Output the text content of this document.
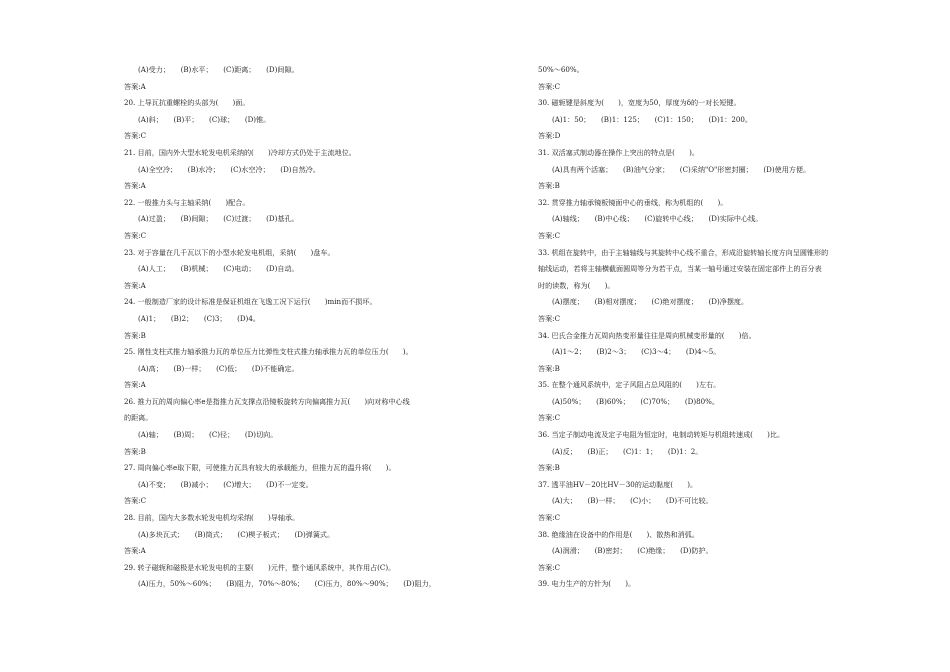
(A)受力；　　(B)水平；　　(C)距离；　　(D)间隙。
答案:A
20. 上导瓦抗重螺栓的头部为(　　)面。
(A)斜；　　(B)平；　　(C)球；　　(D)锥。
答案:C
21. 目前，国内外大型水轮发电机采纳的(　　)冷却方式仍处于主流地位。
(A)全空冷；　　(B)水冷；　　(C)水空冷；　　(D)自然冷。
答案:A
22. 一般推力头与主轴采纳(　　)配合。
(A)过盈；　　(B)间隙；　　(C)过渡；　　(D)基孔。
答案:C
23. 对于容量在几千瓦以下的小型水轮发电机组，采纳(　　)盘车。
(A)人工；　　(B)机械；　　(C)电动；　　(D)自动。
答案:A
24. 一般制造厂家的设计标准是保证机组在飞逸工况下运行(　　)min而不损坏。
(A)1；　　(B)2；　　(C)3；　　(D)4。
答案:B
25. 刚性支柱式推力轴承推力瓦的单位压力比弹性支柱式推力轴承推力瓦的单位压力(　　)。
(A)高；　　(B)一样；　　(C)低；　　(D)不能确定。
答案:A
26. 推力瓦的周向偏心率e是指推力瓦支撑点沿镜板旋转方向偏离推力瓦(　　)向对称中心线
的距离。
(A)轴；　　(B)周；　　(C)径；　　(D)切向。
答案:B
27. 周向偏心率e取下限，可使推力瓦具有较大的承载能力，但推力瓦的温升将(　　)。
(A)不变；　　(B)减小；　　(C)增大；　　(D)不一定变。
答案:C
28. 目前，国内大多数水轮发电机均采纳(　　)导轴承。
(A)多块瓦式；　　(B)筒式；　　(C)楔子板式；　　(D)弹簧式。
答案:A
29. 转子磁轭和磁极是水轮发电机的主要(　　)元件，整个通风系统中，其作用占(C)。
(A)压力，50%～60%；　　(B)阻力，70%～80%；　　(C)压力，80%～90%；　　(D)阻力，
50%～60%。
答案:C
30. 磁轭键是斜度为(　　)，宽度为50，厚度为δ的一对长短键。
(A)1：50；　　(B)1：125；　　(C)1：150；　　(D)1：200。
答案:D
31. 双活塞式制动器在操作上突出的特点是(　　)。
(A)具有两个活塞；　　(B)油气分家；　　(C)采纳"O"形密封圈；　　(D)使用方便。
答案:B
32. 贯穿推力轴承镜板镜面中心的垂线，称为机组的(　　)。
(A)轴线；　　(B)中心线；　　(C)旋转中心线；　　(D)实际中心线。
答案:C
33. 机组在旋转中，由于主轴轴线与其旋转中心线不重合，形成沿旋转轴长度方向呈圆锥形的
轴线运动，若将主轴横截面圆周等分为若干点，当某一轴号通过安装在固定部件上的百分表
时的读数，称为(　　)。
(A)摆度；　　(B)相对摆度；　　(C)绝对摆度；　　(D)净摆度。
答案:C
34. 巴氏合金推力瓦周向热变形量往往是周向机械变形量的(　　)倍。
(A)1～2；　　(B)2～3；　　(C)3～4；　　(D)4～5。
答案:B
35. 在整个通风系统中，定子风阻占总风阻的(　　)左右。
(A)50%；　　(B)60%；　　(C)70%；　　(D)80%。
答案:C
36. 当定子制动电流及定子电阻为恒定时，电制动转矩与机组转速成(　　)比。
(A)反；　　(B)正；　　(C)1：1；　　(D)1：2。
答案:B
37. 透平油HV－20比HV－30的运动黏度(　　)。
(A)大；　　(B)一样；　　(C)小；　　(D)不可比较。
答案:C
38. 绝缘油在设备中的作用是(　　)、散热和消弧。
(A)润滑；　　(B)密封；　　(C)绝缘；　　(D)防护。
答案:C
39. 电力生产的方针为(　　)。
